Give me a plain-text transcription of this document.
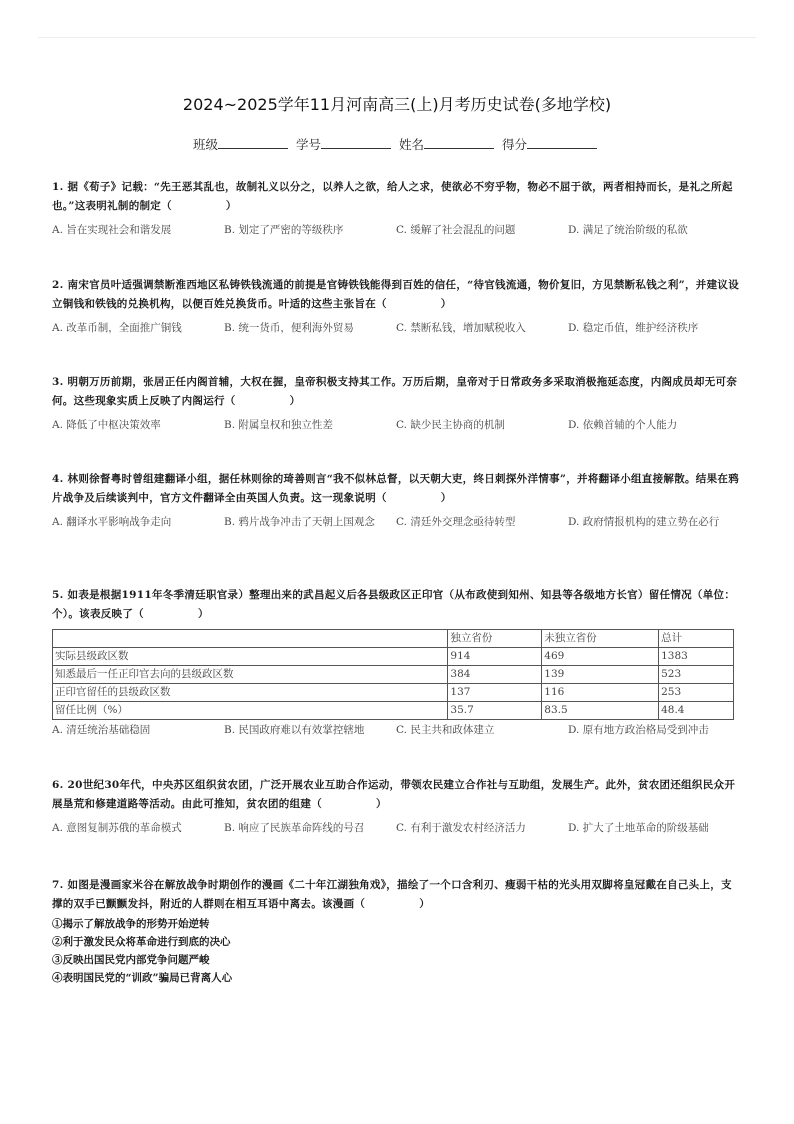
2024~2025学年11月河南高三(上)月考历史试卷(多地学校)
班级	学号	姓名	得分
1. 据《荀子》记载：“先王恶其乱也，故制礼义以分之，以养人之欲，给人之求，使欲必不穷乎物，物必不屈于欲，两者相持而长，是礼之所起也。”这表明礼制的制定（　　　　　）
A. 旨在实现社会和谐发展	B. 划定了严密的等级秩序	C. 缓解了社会混乱的问题	D. 满足了统治阶级的私欲
2. 南宋官员叶适强调禁断淮西地区私铸铁钱流通的前提是官铸铁钱能得到百姓的信任，“待官钱流通，物价复旧，方见禁断私钱之利”，并建议设立铜钱和铁钱的兑换机构，以便百姓兑换货币。叶适的这些主张旨在（　　　　　）
A. 改革币制，全面推广铜钱	B. 统一货币，便利海外贸易	C. 禁断私钱，增加赋税收入	D. 稳定币值，维护经济秩序
3. 明朝万历前期，张居正任内阁首辅，大权在握，皇帝积极支持其工作。万历后期，皇帝对于日常政务多采取消极拖延态度，内阁成员却无可奈何。这些现象实质上反映了内阁运行（　　　　　）
A. 降低了中枢决策效率	B. 附属皇权和独立性差	C. 缺少民主协商的机制	D. 依赖首辅的个人能力
4. 林则徐督粤时曾组建翻译小组，据任林则徐的琦善则言“我不似林总督，以天朝大吏，终日刺探外洋情事”，并将翻译小组直接解散。结果在鸦片战争及后续谈判中，官方文件翻译全由英国人负责。这一现象说明（　　　　　）
A. 翻译水平影响战争走向	B. 鸦片战争冲击了天朝上国观念	C. 清廷外交理念亟待转型	D. 政府情报机构的建立势在必行
5. 如表是根据1911年冬季清廷职官录）整理出来的武昌起义后各县级政区正印官（从布政使到知州、知县等各级地方长官）留任情况（单位：个）。该表反映了（　　　　　）
	独立省份	未独立省份	总计
实际县级政区数	914	469	1383
知悉最后一任正印官去向的县级政区数	384	139	523
正印官留任的县级政区数	137	116	253
留任比例（%）	35.7	83.5	48.4
A. 清廷统治基础稳固	B. 民国政府难以有效掌控辖地	C. 民主共和政体建立	D. 原有地方政治格局受到冲击
6. 20世纪30年代，中央苏区组织贫农团，广泛开展农业互助合作运动，带领农民建立合作社与互助组，发展生产。此外，贫农团还组织民众开展垦荒和修建道路等活动。由此可推知，贫农团的组建（　　　　　）
A. 意图复制苏俄的革命模式	B. 响应了民族革命阵线的号召	C. 有利于激发农村经济活力	D. 扩大了土地革命的阶级基础
7. 如图是漫画家米谷在解放战争时期创作的漫画《二十年江湖独角戏》，描绘了一个口含利刃、瘦弱干枯的光头用双脚将皇冠戴在自己头上，支撑的双手已颤颤发抖，附近的人群则在相互耳语中离去。该漫画（　　　　　）
①揭示了解放战争的形势开始逆转
②利于激发民众将革命进行到底的决心
③反映出国民党内部党争问题严峻
④表明国民党的“训政”骗局已背离人心
